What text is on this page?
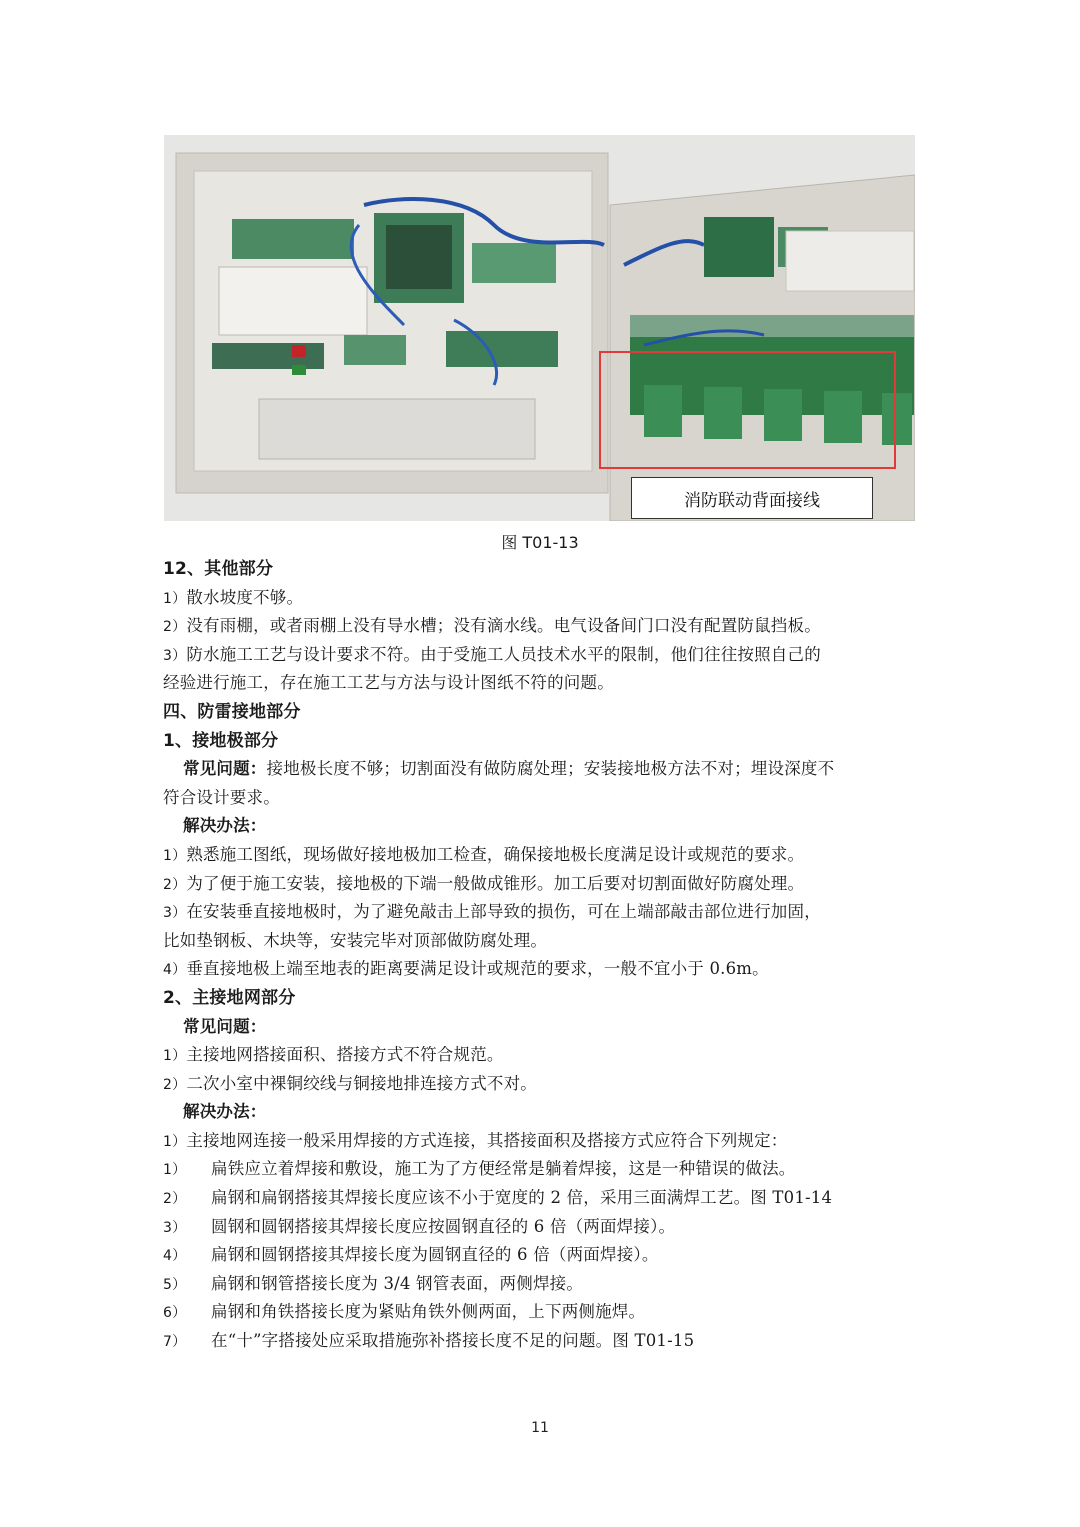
消防联动背面接线
图 T01-13
12、其他部分
1）散水坡度不够。
2）没有雨棚，或者雨棚上没有导水槽；没有滴水线。电气设备间门口没有配置防鼠挡板。
3）防水施工工艺与设计要求不符。由于受施工人员技术水平的限制，他们往往按照自己的
经验进行施工，存在施工工艺与方法与设计图纸不符的问题。
四、防雷接地部分
1、接地极部分
常见问题：接地极长度不够；切割面没有做防腐处理；安装接地极方法不对；埋设深度不
符合设计要求。
解决办法：
1）熟悉施工图纸，现场做好接地极加工检查，确保接地极长度满足设计或规范的要求。
2）为了便于施工安装，接地极的下端一般做成锥形。加工后要对切割面做好防腐处理。
3）在安装垂直接地极时，为了避免敲击上部导致的损伤，可在上端部敲击部位进行加固，
比如垫钢板、木块等，安装完毕对顶部做防腐处理。
4）垂直接地极上端至地表的距离要满足设计或规范的要求，一般不宜小于 0.6m。
2、主接地网部分
常见问题：
1）主接地网搭接面积、搭接方式不符合规范。
2）二次小室中裸铜绞线与铜接地排连接方式不对。
解决办法：
1）主接地网连接一般采用焊接的方式连接，其搭接面积及搭接方式应符合下列规定：
1） 扁铁应立着焊接和敷设，施工为了方便经常是躺着焊接，这是一种错误的做法。
2） 扁钢和扁钢搭接其焊接长度应该不小于宽度的 2 倍，采用三面满焊工艺。图 T01-14
3） 圆钢和圆钢搭接其焊接长度应按圆钢直径的 6 倍（两面焊接）。
4） 扁钢和圆钢搭接其焊接长度为圆钢直径的 6 倍（两面焊接）。
5） 扁钢和钢管搭接长度为 3/4 钢管表面，两侧焊接。
6） 扁钢和角铁搭接长度为紧贴角铁外侧两面，上下两侧施焊。
7） 在“十”字搭接处应采取措施弥补搭接长度不足的问题。图 T01-15
11
